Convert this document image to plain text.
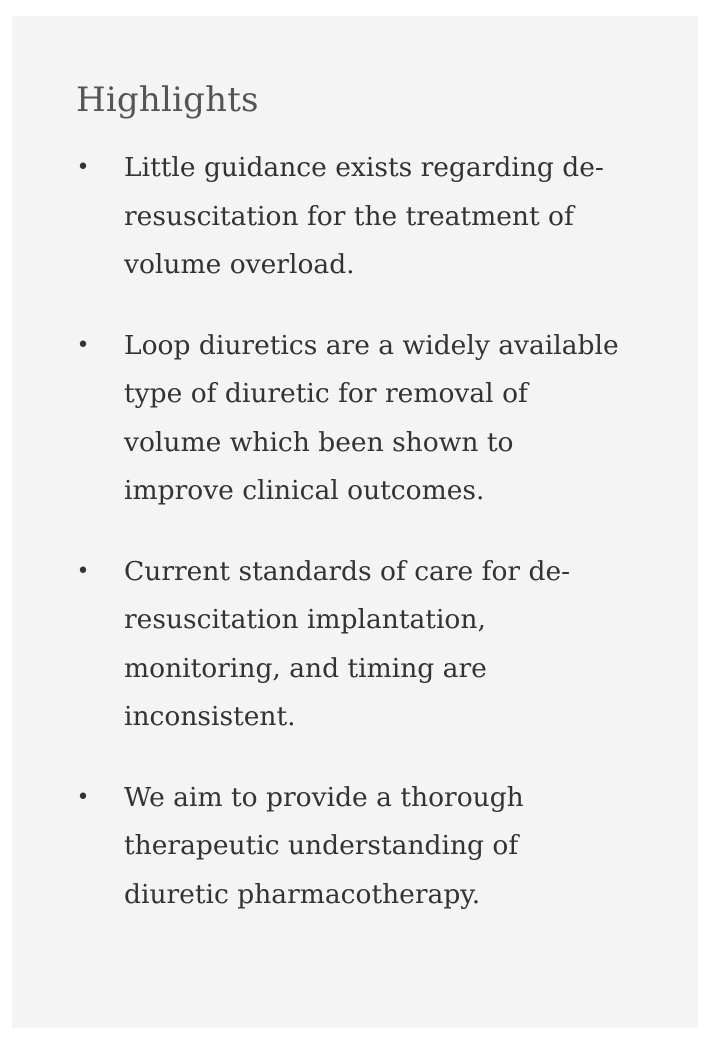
Highlights
• Little guidance exists regarding de-
resuscitation for the treatment of
volume overload.
• Loop diuretics are a widely available
type of diuretic for removal of
volume which been shown to
improve clinical outcomes.
• Current standards of care for de-
resuscitation implantation,
monitoring, and timing are
inconsistent.
• We aim to provide a thorough
therapeutic understanding of
diuretic pharmacotherapy.
